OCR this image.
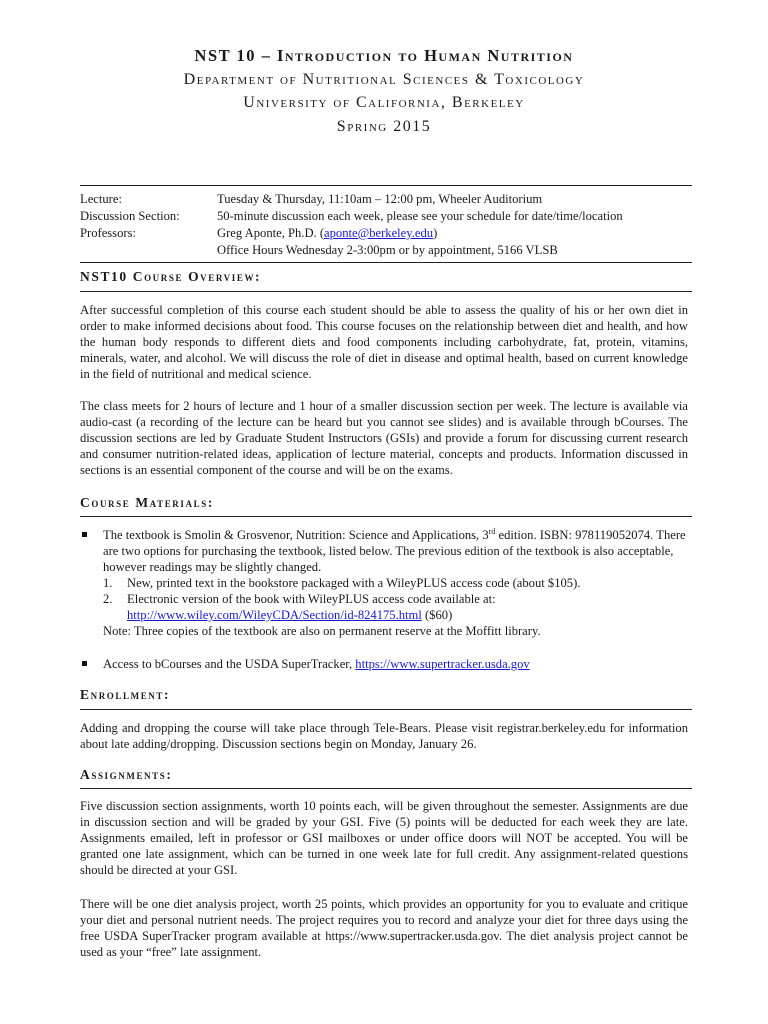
NST 10 – Introduction to Human Nutrition
Department of Nutritional Sciences & Toxicology
University of California, Berkeley
Spring 2015
Lecture:	Tuesday & Thursday, 11:10am – 12:00 pm, Wheeler Auditorium
Discussion Section:	50-minute discussion each week, please see your schedule for date/time/location
Professors:	Greg Aponte, Ph.D. (aponte@berkeley.edu)
Office Hours Wednesday 2-3:00pm or by appointment, 5166 VLSB
NST10 Course Overview:

After successful completion of this course each student should be able to assess the quality of his or her own diet in order to make informed decisions about food. This course focuses on the relationship between diet and health, and how the human body responds to different diets and food components including carbohydrate, fat, protein, vitamins, minerals, water, and alcohol. We will discuss the role of diet in disease and optimal health, based on current knowledge in the field of nutritional and medical science.

The class meets for 2 hours of lecture and 1 hour of a smaller discussion section per week. The lecture is available via audio-cast (a recording of the lecture can be heard but you cannot see slides) and is available through bCourses. The discussion sections are led by Graduate Student Instructors (GSIs) and provide a forum for discussing current research and consumer nutrition-related ideas, application of lecture material, concepts and products. Information discussed in sections is an essential component of the course and will be on the exams.

Course Materials:
The textbook is Smolin & Grosvenor, Nutrition: Science and Applications, 3rd edition. ISBN: 978119052074. There are two options for purchasing the textbook, listed below. The previous edition of the textbook is also acceptable, however readings may be slightly changed.
1.	New, printed text in the bookstore packaged with a WileyPLUS access code (about $105).
2.	Electronic version of the book with WileyPLUS access code available at:
http://www.wiley.com/WileyCDA/Section/id-824175.html ($60)
Note: Three copies of the textbook are also on permanent reserve at the Moffitt library.
Access to bCourses and the USDA SuperTracker, https://www.supertracker.usda.gov
Enrollment:

Adding and dropping the course will take place through Tele-Bears. Please visit registrar.berkeley.edu for information about late adding/dropping. Discussion sections begin on Monday, January 26.

Assignments:

Five discussion section assignments, worth 10 points each, will be given throughout the semester. Assignments are due in discussion section and will be graded by your GSI. Five (5) points will be deducted for each week they are late. Assignments emailed, left in professor or GSI mailboxes or under office doors will NOT be accepted. You will be granted one late assignment, which can be turned in one week late for full credit. Any assignment-related questions should be directed at your GSI.

There will be one diet analysis project, worth 25 points, which provides an opportunity for you to evaluate and critique your diet and personal nutrient needs. The project requires you to record and analyze your diet for three days using the free USDA SuperTracker program available at https://www.supertracker.usda.gov. The diet analysis project cannot be used as your “free” late assignment.
